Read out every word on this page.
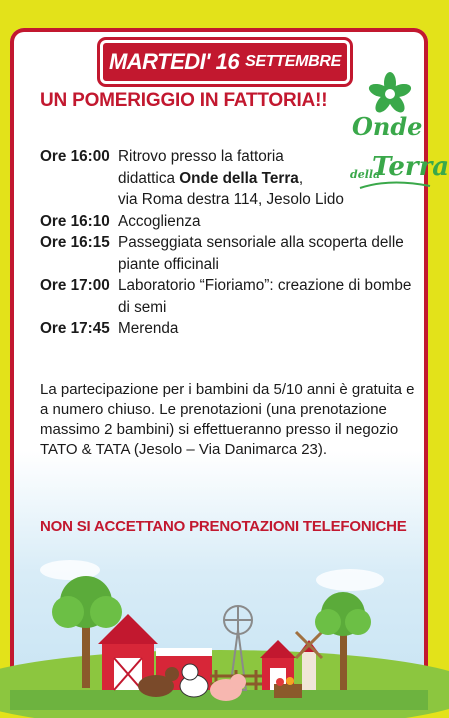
MARTEDI' 16 SETTEMBRE
UN POMERIGGIO IN FATTORIA!!
Onde
Terra
della
Ore 16:00 Ritrovo presso la fattoria
didattica Onde della Terra,
via Roma destra 114, Jesolo Lido
Ore 16:10 Accoglienza
Ore 16:15 Passeggiata sensoriale alla scoperta delle piante officinali
Ore 17:00 Laboratorio “Fioriamo”: creazione di bombe di semi
Ore 17:45 Merenda

La partecipazione per i bambini da 5/10 anni è gratuita e a numero chiuso. Le prenotazioni (una prenotazione massimo 2 bambini) si effettueranno presso il negozio TATO & TATA (Jesolo – Via Danimarca 23).

NON SI ACCETTANO PRENOTAZIONI TELEFONICHE
